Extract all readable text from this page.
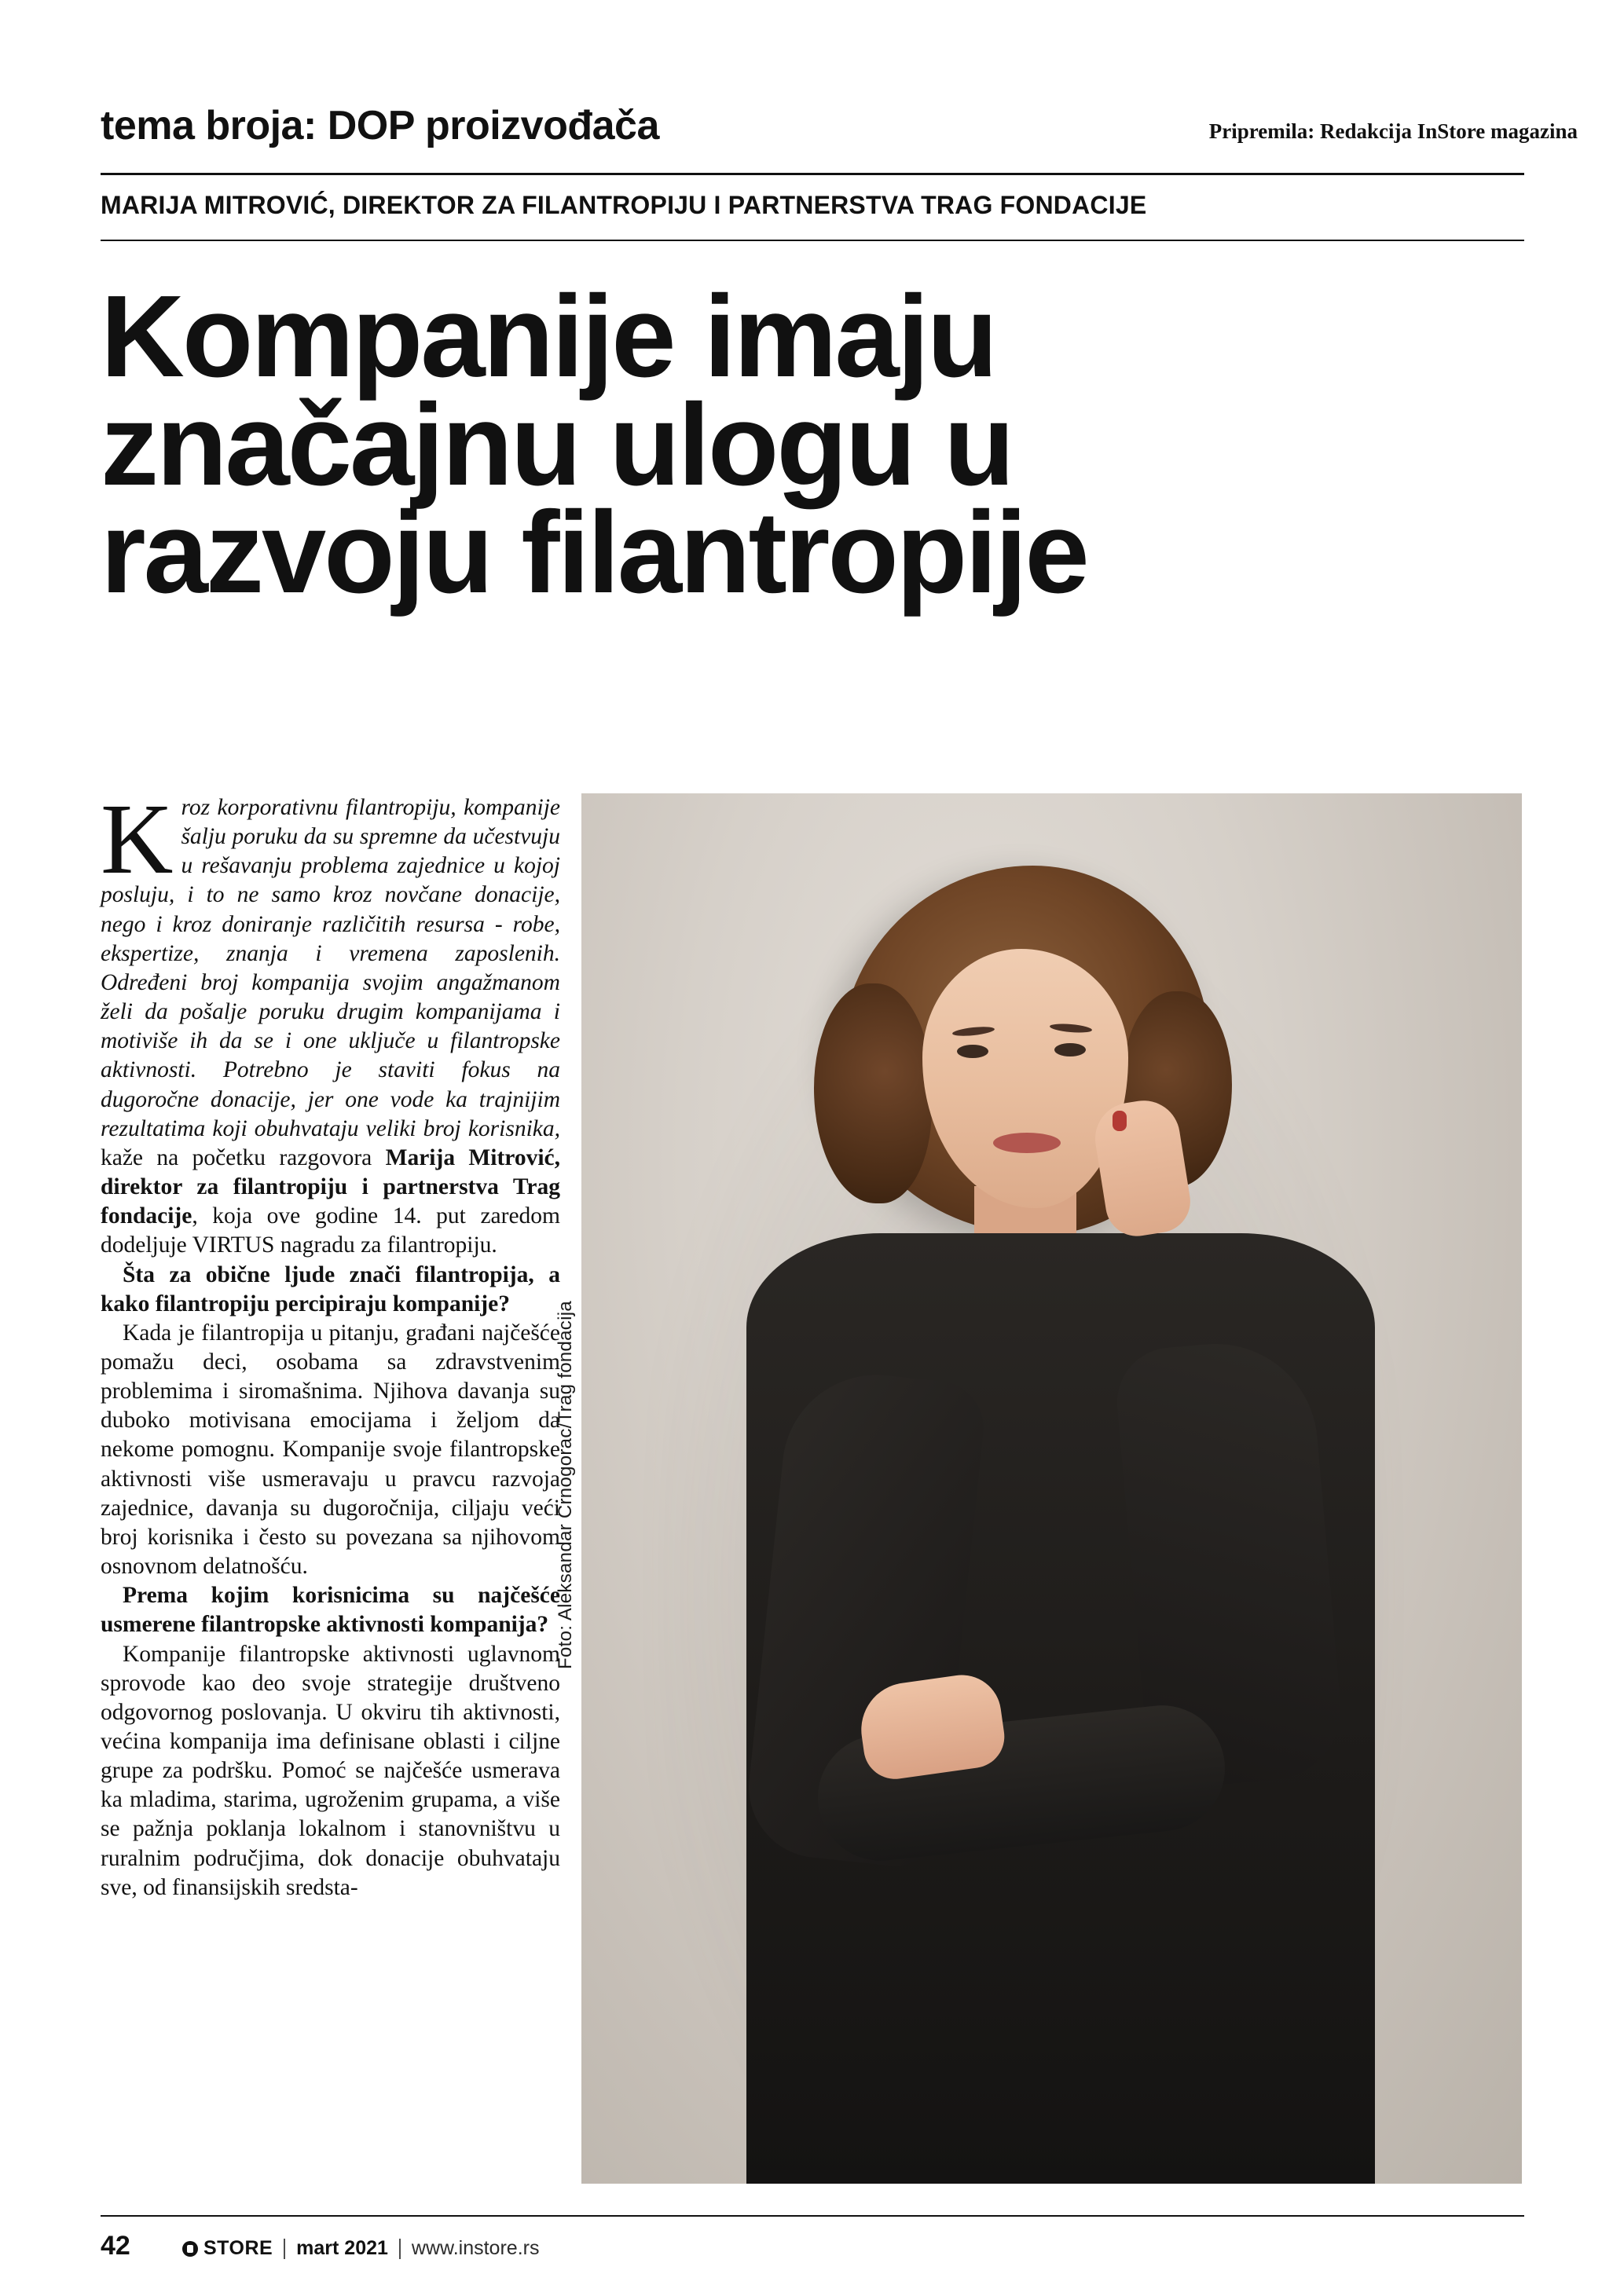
tema broja: DOP proizvođača	Pripremila: Redakcija InStore magazina
MARIJA MITROVIĆ, DIREKTOR ZA FILANTROPIJU I PARTNERSTVA TRAG FONDACIJE
Kompanije imaju
značajnu ulogu u
razvoju filantropije

Kroz korporativnu filantropiju, kompanije šalju poruku da su spremne da učestvuju u rešavanju problema zajednice u kojoj posluju, i to ne samo kroz novčane donacije, nego i kroz doniranje različitih resursa - robe, ekspertize, znanja i vremena zaposlenih. Određeni broj kompanija svojim angažmanom želi da pošalje poruku drugim kompanijama i motiviše ih da se i one uključe u filantropske aktivnosti. Potrebno je staviti fokus na dugoročne donacije, jer one vode ka trajnijim rezultatima koji obuhvataju veliki broj korisnika, kaže na početku razgovora Marija Mitrović, direktor za filantropiju i partnerstva Trag fondacije, koja ove godine 14. put zaredom dodeljuje VIRTUS nagradu za filantropiju.

Šta za obične ljude znači filantropija, a kako filantropiju percipiraju kompanije?

Kada je filantropija u pitanju, građani najčešće pomažu deci, osobama sa zdravstvenim problemima i siromašnima. Njihova davanja su duboko motivisana emocijama i željom da nekome pomognu. Kompanije svoje filantropske aktivnosti više usmeravaju u pravcu razvoja zajednice, davanja su dugoročnija, ciljaju veći broj korisnika i često su povezana sa njihovom osnovnom delatnošću.

Prema kojim korisnicima su najčešće usmerene filantropske aktivnosti kompanija?

Kompanije filantropske aktivnosti uglavnom sprovode kao deo svoje strategije društveno odgovornog poslovanja. U okviru tih aktivnosti, većina kompanija ima definisane oblasti i ciljne grupe za podršku. Pomoć se najčešće usmerava ka mladima, starima, ugroženim grupama, a više se pažnja poklanja lokalnom i stanovništvu u ruralnim područjima, dok donacije obuhvataju sve, od finansijskih sredsta-

Foto: Aleksandar Crnogorac/Trag fondacija
42	STORE mart 2021 www.instore.rs
